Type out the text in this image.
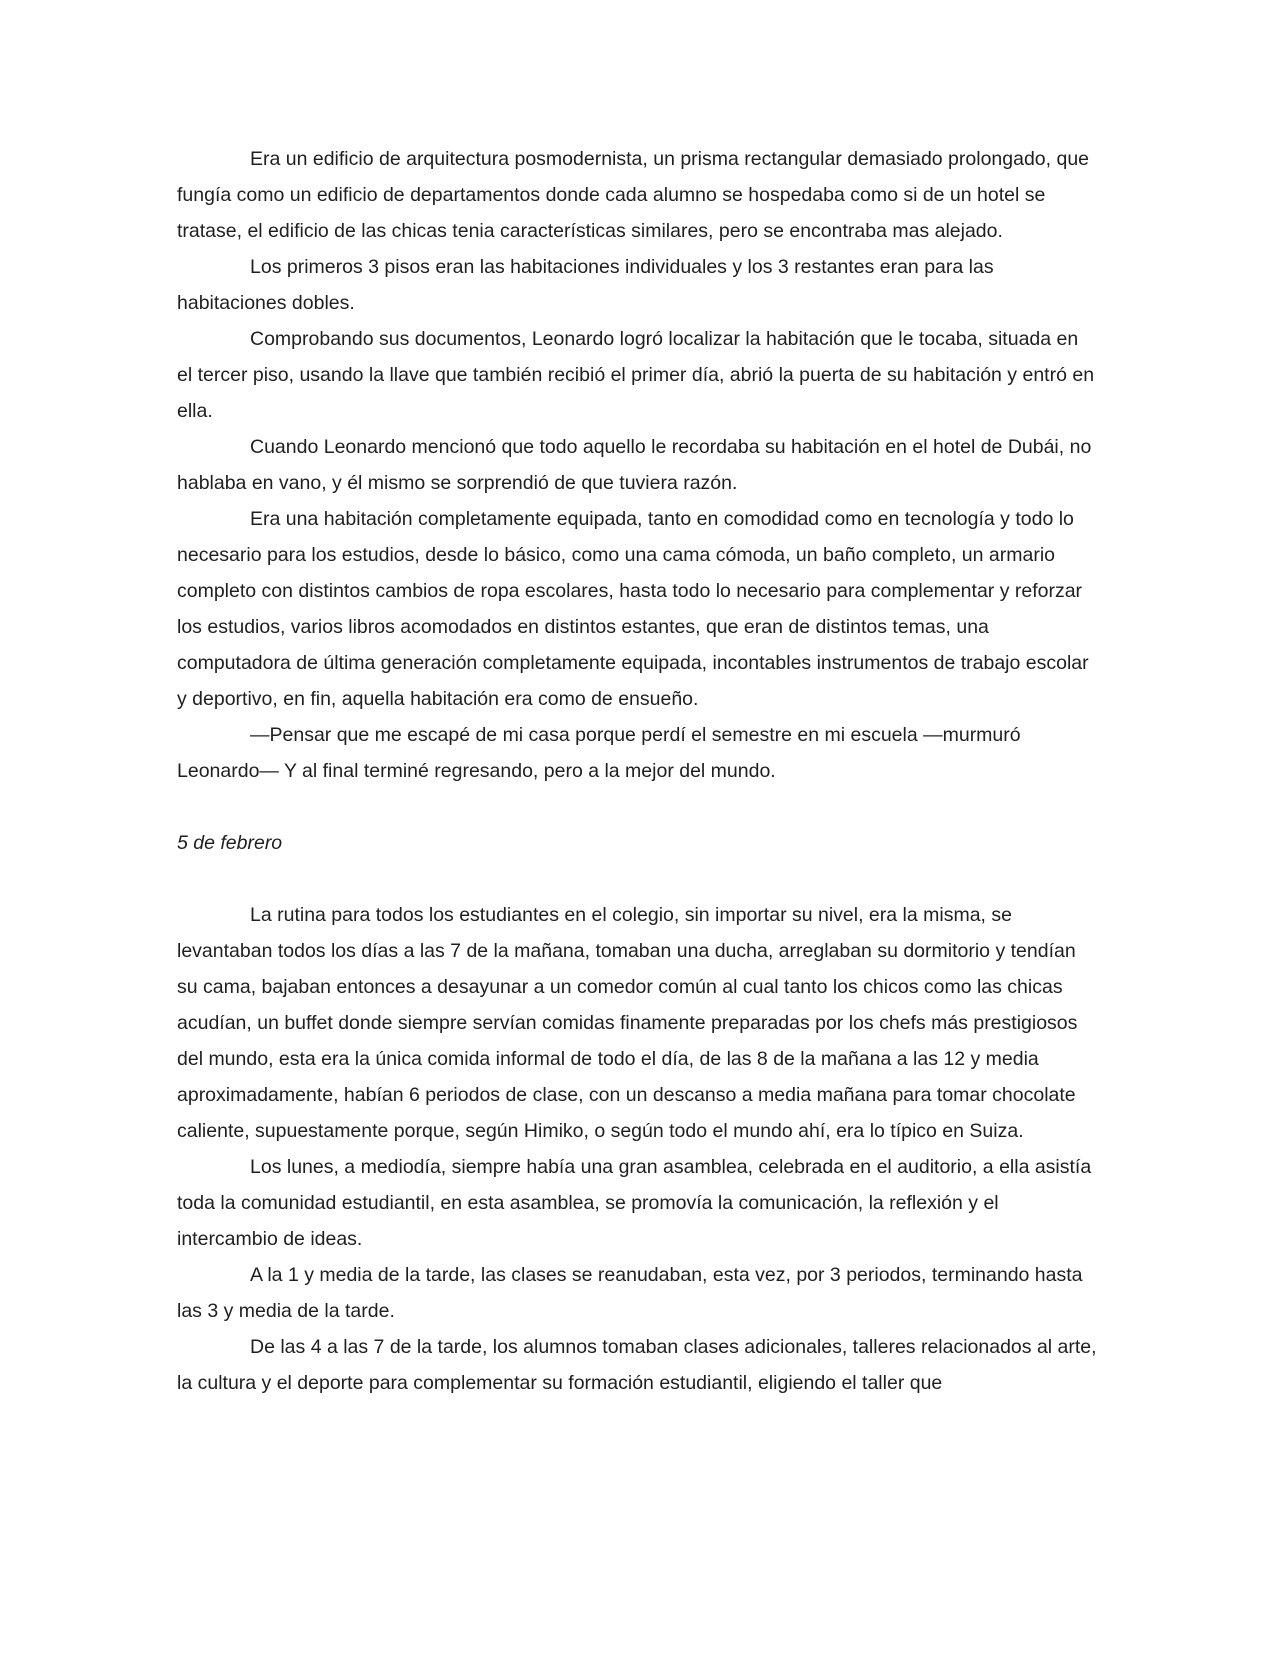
Era un edificio de arquitectura posmodernista, un prisma rectangular demasiado prolongado, que fungía como un edificio de departamentos donde cada alumno se hospedaba como si de un hotel se tratase, el edificio de las chicas tenia características similares, pero se encontraba mas alejado.

Los primeros 3 pisos eran las habitaciones individuales y los 3 restantes eran para las habitaciones dobles.

Comprobando sus documentos, Leonardo logró localizar la habitación que le tocaba, situada en el tercer piso, usando la llave que también recibió el primer día, abrió la puerta de su habitación y entró en ella.

Cuando Leonardo mencionó que todo aquello le recordaba su habitación en el hotel de Dubái, no hablaba en vano, y él mismo se sorprendió de que tuviera razón.

Era una habitación completamente equipada, tanto en comodidad como en tecnología y todo lo necesario para los estudios, desde lo básico, como una cama cómoda, un baño completo, un armario completo con distintos cambios de ropa escolares, hasta todo lo necesario para complementar y reforzar los estudios, varios libros acomodados en distintos estantes, que eran de distintos temas, una computadora de última generación completamente equipada, incontables instrumentos de trabajo escolar y deportivo, en fin, aquella habitación era como de ensueño.

—Pensar que me escapé de mi casa porque perdí el semestre en mi escuela —murmuró Leonardo— Y al final terminé regresando, pero a la mejor del mundo.

5 de febrero

La rutina para todos los estudiantes en el colegio, sin importar su nivel, era la misma, se levantaban todos los días a las 7 de la mañana, tomaban una ducha, arreglaban su dormitorio y tendían su cama, bajaban entonces a desayunar a un comedor común al cual tanto los chicos como las chicas acudían, un buffet donde siempre servían comidas finamente preparadas por los chefs más prestigiosos del mundo, esta era la única comida informal de todo el día, de las 8 de la mañana a las 12 y media aproximadamente, habían 6 periodos de clase, con un descanso a media mañana para tomar chocolate caliente, supuestamente porque, según Himiko, o según todo el mundo ahí, era lo típico en Suiza.

Los lunes, a mediodía, siempre había una gran asamblea, celebrada en el auditorio, a ella asistía toda la comunidad estudiantil, en esta asamblea, se promovía la comunicación, la reflexión y el intercambio de ideas.

A la 1 y media de la tarde, las clases se reanudaban, esta vez, por 3 periodos, terminando hasta las 3 y media de la tarde.

De las 4 a las 7 de la tarde, los alumnos tomaban clases adicionales, talleres relacionados al arte, la cultura y el deporte para complementar su formación estudiantil, eligiendo el taller que
